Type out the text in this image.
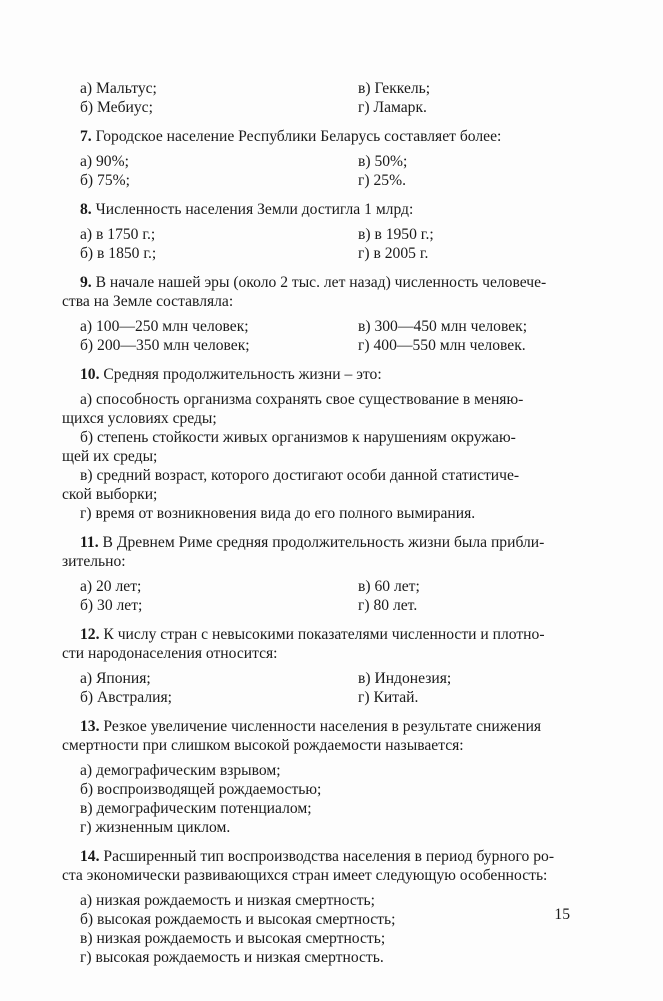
а) Мальтус;	в) Геккель;
б) Мебиус;	г) Ламарк.
7. Городское население Республики Беларусь составляет более:
а) 90%;	в) 50%;
б) 75%;	г) 25%.
8. Численность населения Земли достигла 1 млрд:
а) в 1750 г.;	в) в 1950 г.;
б) в 1850 г.;	г) в 2005 г.
9. В начале нашей эры (около 2 тыс. лет назад) численность человече-
ства на Земле составляла:
а) 100—250 млн человек;	в) 300—450 млн человек;
б) 200—350 млн человек;	г) 400—550 млн человек.
10. Средняя продолжительность жизни – это:
а) способность организма сохранять свое существование в меняю-
щихся условиях среды;
б) степень стойкости живых организмов к нарушениям окружаю-
щей их среды;
в) средний возраст, которого достигают особи данной статистиче-
ской выборки;
г) время от возникновения вида до его полного вымирания.
11. В Древнем Риме средняя продолжительность жизни была прибли-
зительно:
а) 20 лет;	в) 60 лет;
б) 30 лет;	г) 80 лет.
12. К числу стран с невысокими показателями численности и плотно-
сти народонаселения относится:
а) Япония;	в) Индонезия;
б) Австралия;	г) Китай.
13. Резкое увеличение численности населения в результате снижения
смертности при слишком высокой рождаемости называется:
а) демографическим взрывом;
б) воспроизводящей рождаемостью;
в) демографическим потенциалом;
г) жизненным циклом.
14. Расширенный тип воспроизводства населения в период бурного ро-
ста экономически развивающихся стран имеет следующую особенность:
а) низкая рождаемость и низкая смертность;
б) высокая рождаемость и высокая смертность;
в) низкая рождаемость и высокая смертность;
г) высокая рождаемость и низкая смертность.
15
